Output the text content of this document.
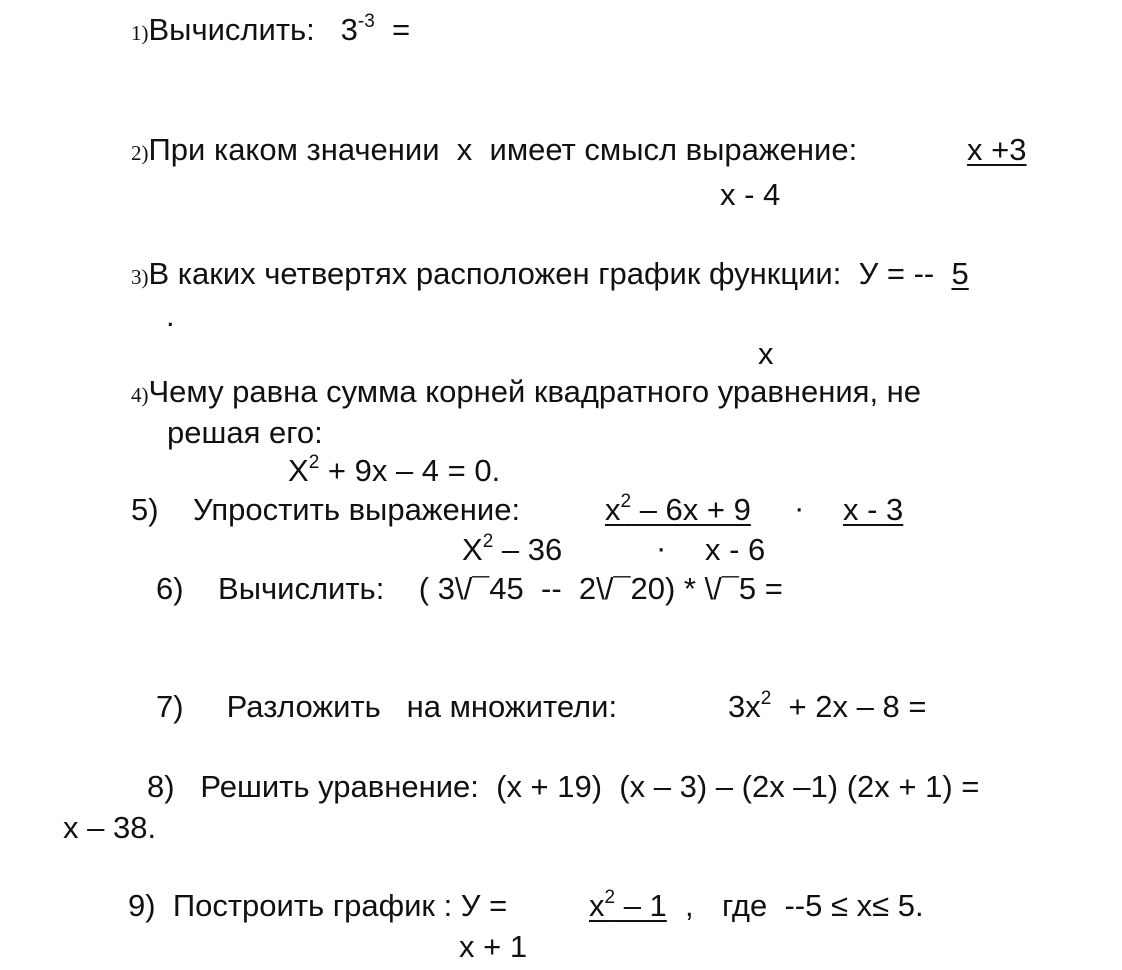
1)Вычислить: $3^{-3}$ =
2)При каком значении  х  имеет смысл выражение:	х +3
х - 4
3)В каких четвертях расположен график функции:  У = -- 5
.
х
4)Чему равна сумма корней квадратного уравнения, не
решая его:
$Х^2 + 9х - 4 = 0$.
5) Упростить выражение:	$х^2 - 6х + 9 \cdot х - 3$
$Х^2 - 36$	· х - 6
6) Вычислить: ( 3\/¯45  --  2\/¯20) * \/¯5 =
7) Разложить   на множители:	$3х^2 + 2х - 8$ =
8) Решить уравнение: (х + 19)  (х – 3) – (2х –1) (2х + 1) =
х – 38.
9) Построить график : У =	$х^2 - 1$ , где  --5 ≤ х≤ 5.
х + 1
